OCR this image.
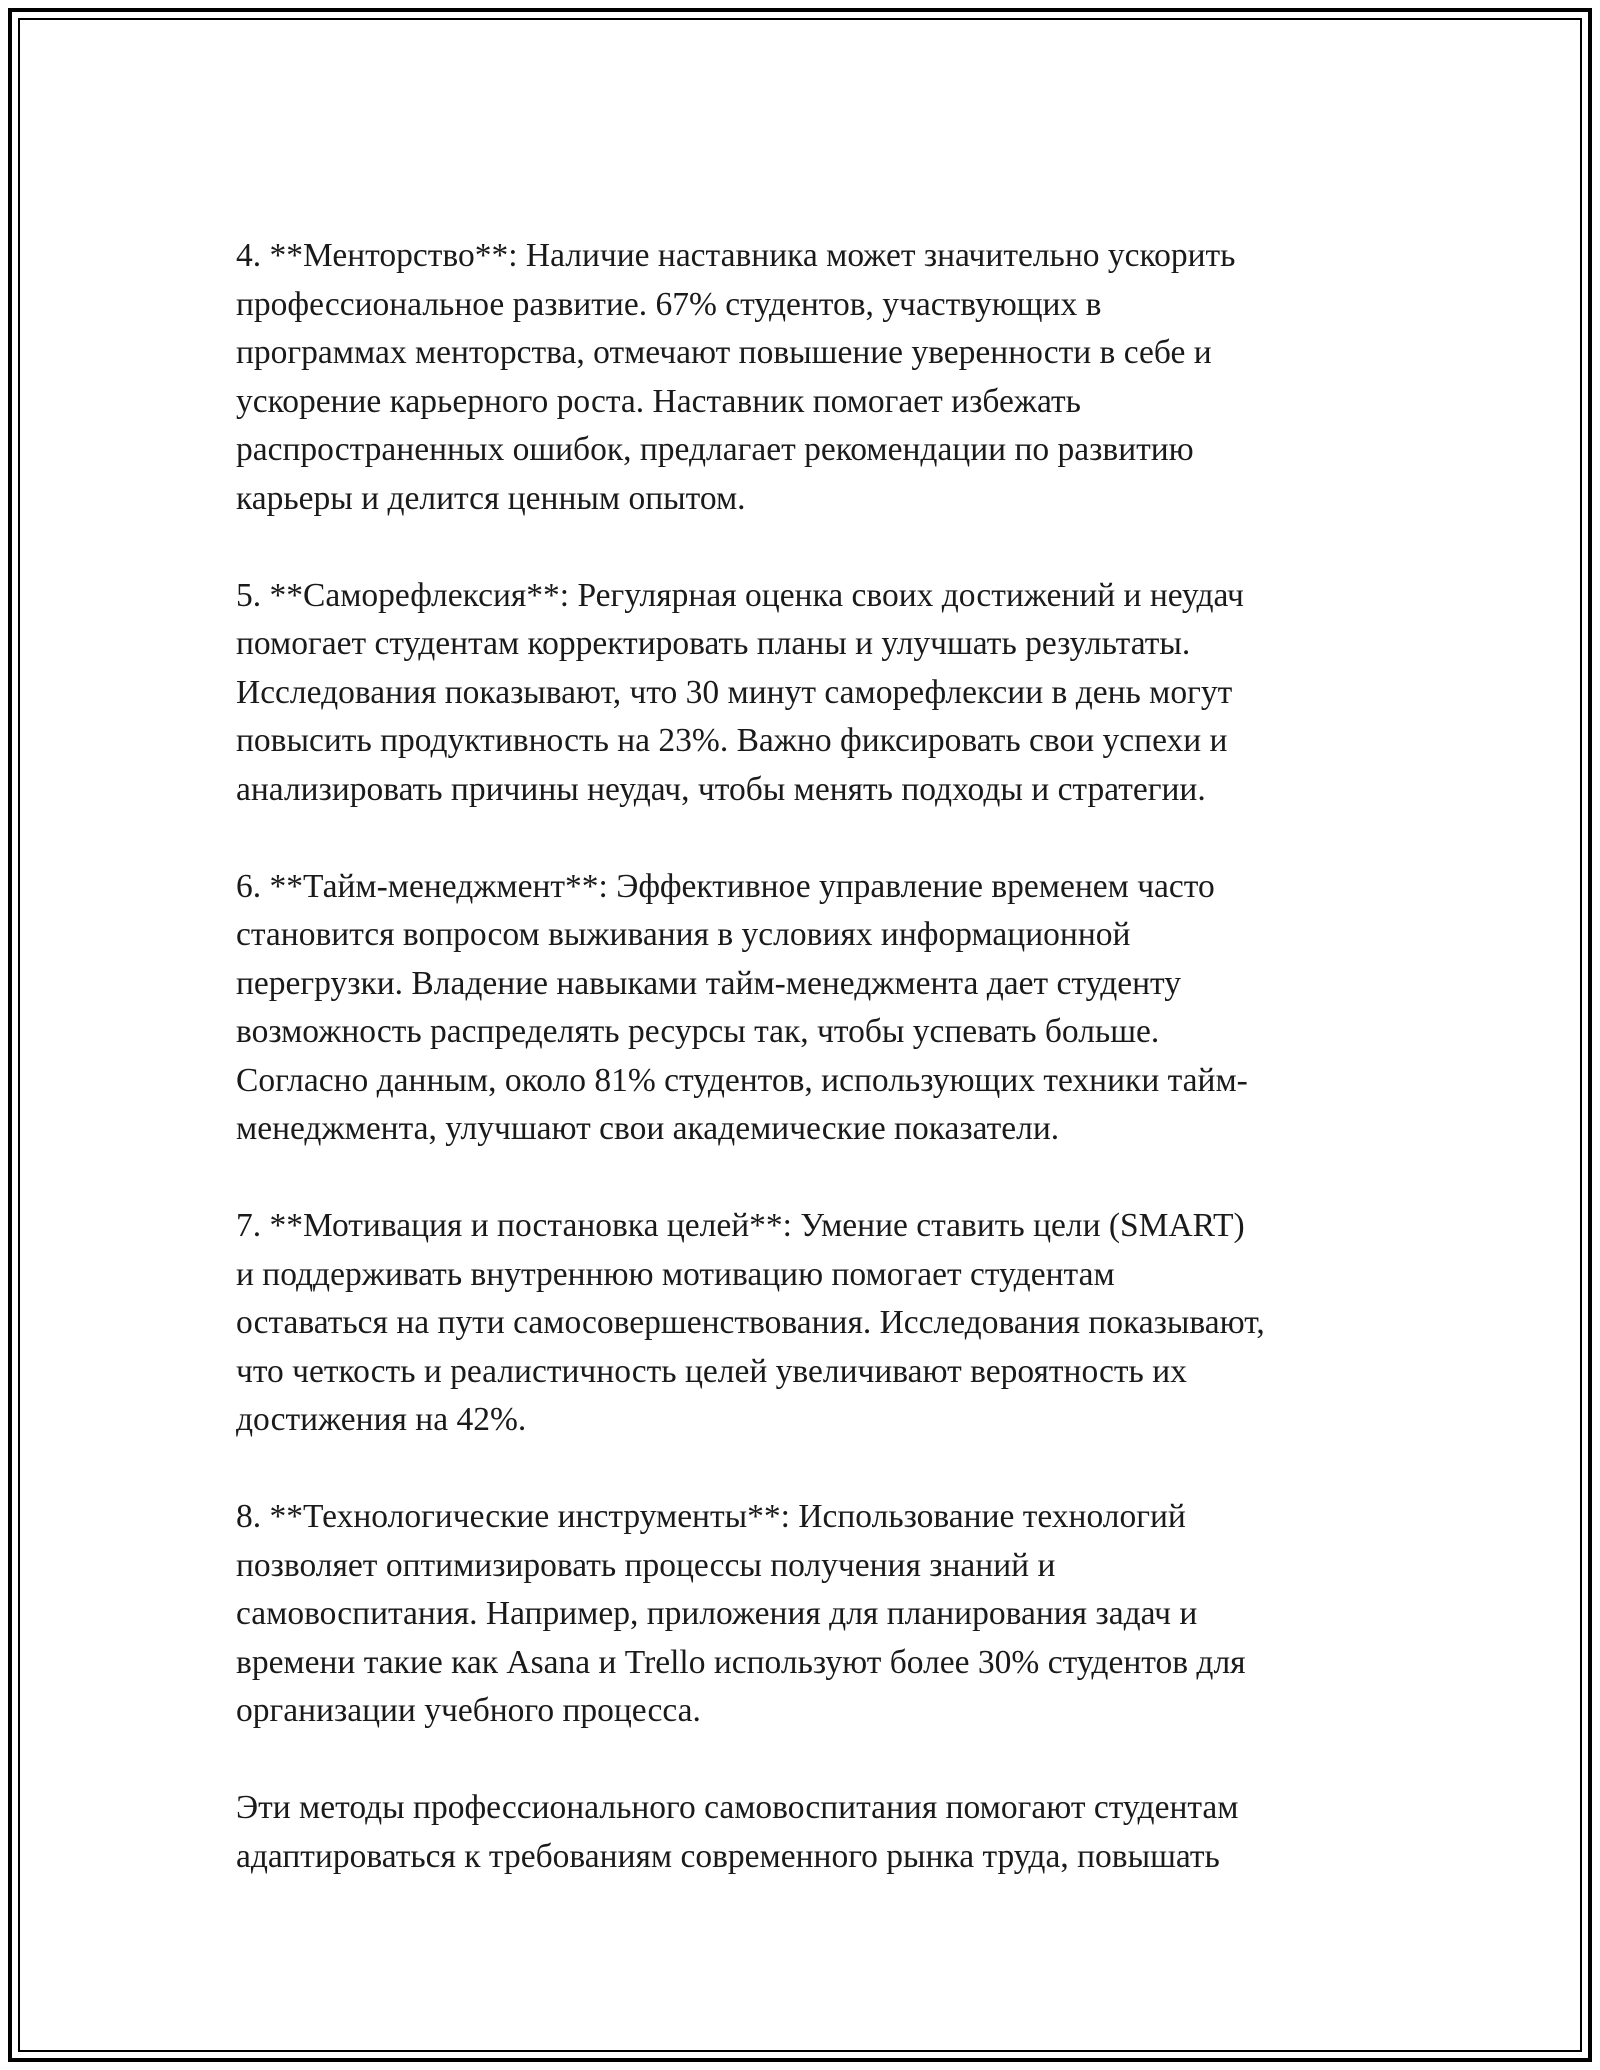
4. **Менторство**: Наличие наставника может значительно ускорить
профессиональное развитие. 67% студентов, участвующих в
программах менторства, отмечают повышение уверенности в себе и
ускорение карьерного роста. Наставник помогает избежать
распространенных ошибок, предлагает рекомендации по развитию
карьеры и делится ценным опытом.

5. **Саморефлексия**: Регулярная оценка своих достижений и неудач
помогает студентам корректировать планы и улучшать результаты.
Исследования показывают, что 30 минут саморефлексии в день могут
повысить продуктивность на 23%. Важно фиксировать свои успехи и
анализировать причины неудач, чтобы менять подходы и стратегии.

6. **Тайм-менеджмент**: Эффективное управление временем часто
становится вопросом выживания в условиях информационной
перегрузки. Владение навыками тайм-менеджмента дает студенту
возможность распределять ресурсы так, чтобы успевать больше.
Согласно данным, около 81% студентов, использующих техники тайм-
менеджмента, улучшают свои академические показатели.

7. **Мотивация и постановка целей**: Умение ставить цели (SMART)
и поддерживать внутреннюю мотивацию помогает студентам
оставаться на пути самосовершенствования. Исследования показывают,
что четкость и реалистичность целей увеличивают вероятность их
достижения на 42%.

8. **Технологические инструменты**: Использование технологий
позволяет оптимизировать процессы получения знаний и
самовоспитания. Например, приложения для планирования задач и
времени такие как Asana и Trello используют более 30% студентов для
организации учебного процесса.

Эти методы профессионального самовоспитания помогают студентам
адаптироваться к требованиям современного рынка труда, повышать
